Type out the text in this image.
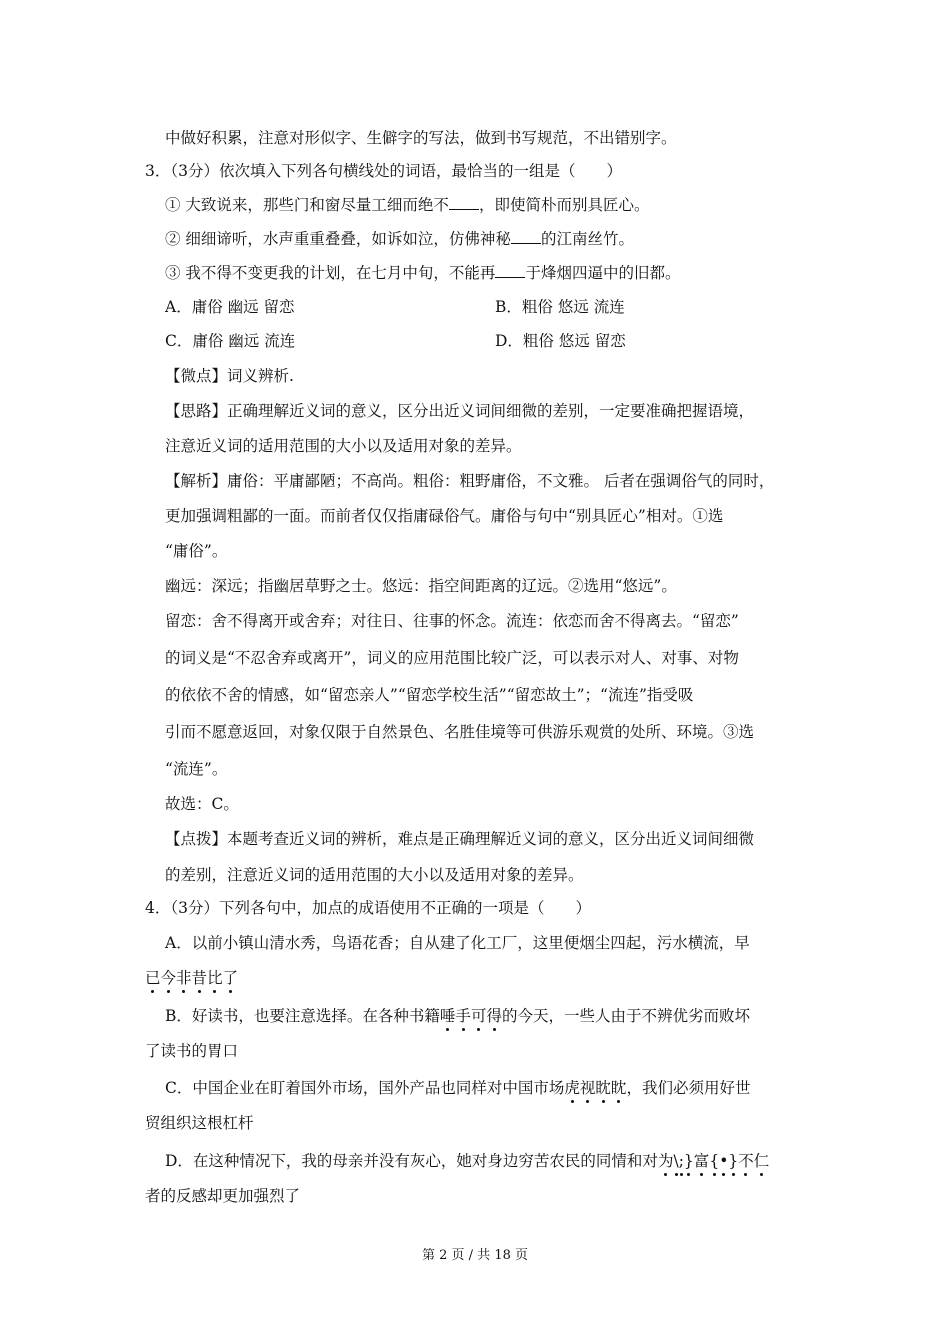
中做好积累，注意对形似字、生僻字的写法，做到书写规范，不出错别字。
3．（3分）依次填入下列各句横线处的词语，最恰当的一组是（　　）
① 大致说来，那些门和窗尽量工细而绝不 ，即使简朴而别具匠心。
② 细细谛听，水声重重叠叠，如诉如泣，仿佛神秘 的江南丝竹。
③ 我不得不变更我的计划，在七月中旬，不能再 于烽烟四逼中的旧都。
A．庸俗 幽远 留恋	B．粗俗 悠远 流连
C．庸俗 幽远 流连	D．粗俗 悠远 留恋
【微点】词义辨析.
【思路】正确理解近义词的意义，区分出近义词间细微的差别，一定要准确把握语境，
注意近义词的适用范围的大小以及适用对象的差异。
【解析】庸俗：平庸鄙陋；不高尚。粗俗：粗野庸俗，不文雅。 后者在强调俗气的同时，
更加强调粗鄙的一面。而前者仅仅指庸碌俗气。庸俗与句中“别具匠心”相对。①选
“庸俗”。
幽远：深远；指幽居草野之士。悠远：指空间距离的辽远。②选用“悠远”。
留恋：舍不得离开或舍弃；对往日、往事的怀念。流连：依恋而舍不得离去。“留恋”
的词义是“不忍舍弃或离开”，词义的应用范围比较广泛，可以表示对人、对事、对物
的依依不舍的情感，如“留恋亲人”“留恋学校生活”“留恋故土”；“流连”指受吸
引而不愿意返回，对象仅限于自然景色、名胜佳境等可供游乐观赏的处所、环境。③选
“流连”。
故选：C。
【点拨】本题考查近义词的辨析，难点是正确理解近义词的意义，区分出近义词间细微
的差别，注意近义词的适用范围的大小以及适用对象的差异。
4．（3分）下列各句中，加点的成语使用不正确的一项是（　　）
A．以前小镇山清水秀，鸟语花香；自从建了化工厂，这里便烟尘四起，污水横流，早
已今非昔比了
B．好读书，也要注意选择。在各种书籍唾手可得的今天，一些人由于不辨优劣而败坏
了读书的胃口
C．中国企业在盯着国外市场，国外产品也同样对中国市场虎视眈眈，我们必须用好世
贸组织这根杠杆
D．在这种情况下，我的母亲并没有灰心，她对身边穷苦农民的同情和对为\;}富{•}不仁
者的反感却更加强烈了
第 2 页 / 共 18 页
